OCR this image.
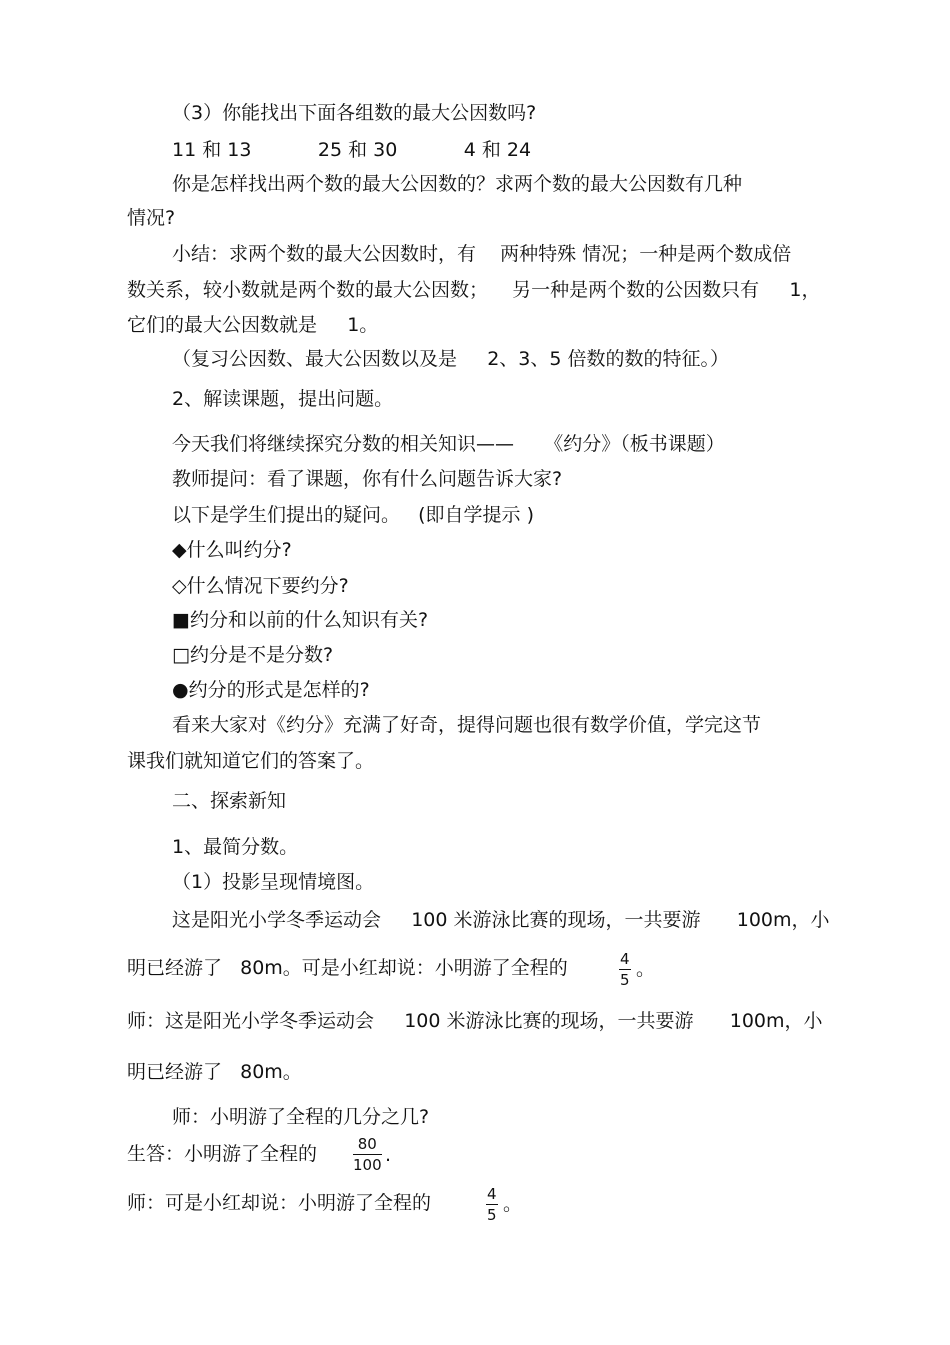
（3）你能找出下面各组数的最大公因数吗?
11 和 13           25 和 30           4 和 24
你是怎样找出两个数的最大公因数的？求两个数的最大公因数有几种
情况?
小结：求两个数的最大公因数时，有    两种特殊 情况；一种是两个数成倍
数关系，较小数就是两个数的最大公因数；    另一种是两个数的公因数只有     1，
它们的最大公因数就是     1。
（复习公因数、最大公因数以及是     2、3、5 倍数的数的特征。）
2、解读课题，提出问题。
今天我们将继续探究分数的相关知识——     《约分》（板书课题）
教师提问：看了课题，你有什么问题告诉大家?
以下是学生们提出的疑问。   (即自学提示 )
◆什么叫约分?
◇什么情况下要约分?
■约分和以前的什么知识有关?
□约分是不是分数?
●约分的形式是怎样的?
看来大家对《约分》充满了好奇，提得问题也很有数学价值，学完这节
课我们就知道它们的答案了。
二、探索新知
1、最简分数。
（1）投影呈现情境图。
这是阳光小学冬季运动会     100 米游泳比赛的现场，一共要游      100m，小
明已经游了   80m。可是小红却说：小明游了全程的	4
5 。
师：这是阳光小学冬季运动会     100 米游泳比赛的现场，一共要游      100m，小
明已经游了   80m。
师：小明游了全程的几分之几?
生答：小明游了全程的	80
100 .
师：可是小红却说：小明游了全程的	4
5 。
